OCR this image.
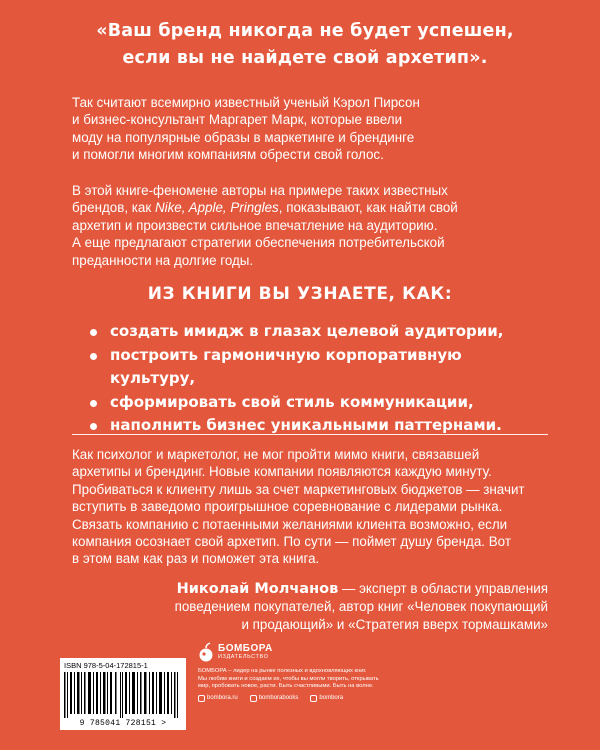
«Ваш бренд никогда не будет успешен,
если вы не найдете свой архетип».
Так считают всемирно известный ученый Кэрол Пирсон
и бизнес-консультант Маргарет Марк, которые ввели
моду на популярные образы в маркетинге и брендинге
и помогли многим компаниям обрести свой голос.
В этой книге-феномене авторы на примере таких известных
брендов, как Nike, Apple, Pringles, показывают, как найти свой
архетип и произвести сильное впечатление на аудиторию.
А еще предлагают стратегии обеспечения потребительской
преданности на долгие годы.
ИЗ КНИГИ ВЫ УЗНАЕТЕ, КАК:
создать имидж в глазах целевой аудитории,
построить гармоничную корпоративную культуру,
сформировать свой стиль коммуникации,
наполнить бизнес уникальными паттернами.
Как психолог и маркетолог, не мог пройти мимо книги, связавшей
архетипы и брендинг. Новые компании появляются каждую минуту.
Пробиваться к клиенту лишь за счет маркетинговых бюджетов — значит
вступить в заведомо проигрышное соревнование с лидерами рынка.
Связать компанию с потаенными желаниями клиента возможно, если
компания осознает свой архетип. По сути — поймет душу бренда. Вот
в этом вам как раз и поможет эта книга.
Николай Молчанов — эксперт в области управления
поведением покупателей, автор книг «Человек покупающий
и продающий» и «Стратегия вверх тормашками»
ISBN 978-5-04-172815-1
9 785041 728151 >
БОМБОРА
ИЗДАТЕЛЬСТВО
БОМБОРА – лидер на рынке полезных и вдохновляющих книг.
Мы любим книги и создаем их, чтобы вы могли творить, открывать
мир, пробовать новое, расти. Быть счастливыми. Быть на волне.
bombora.ru	bomborabooks	bombora
